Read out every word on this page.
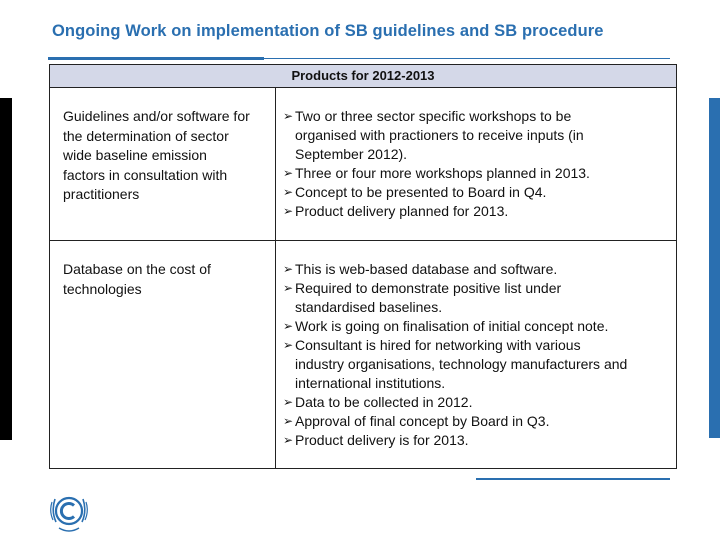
Ongoing Work on implementation of SB guidelines and SB procedure
Products for 2012-2013
Guidelines and/or software for
the determination of sector
wide baseline emission
factors in consultation with
practitioners
➢ Two or three sector specific workshops to be
organised with practioners to receive inputs (in
September 2012).
➢ Three or four more workshops planned in 2013.
➢ Concept to be presented to Board in Q4.
➢ Product delivery planned for 2013.
Database on the cost of
technologies
➢ This is web-based database and software.
➢ Required to demonstrate positive list under
standardised baselines.
➢ Work is going on finalisation of initial concept note.
➢ Consultant is hired for networking with various
industry organisations, technology manufacturers and
international institutions.
➢ Data to be collected in 2012.
➢ Approval of final concept by Board in Q3.
➢ Product delivery is for 2013.
